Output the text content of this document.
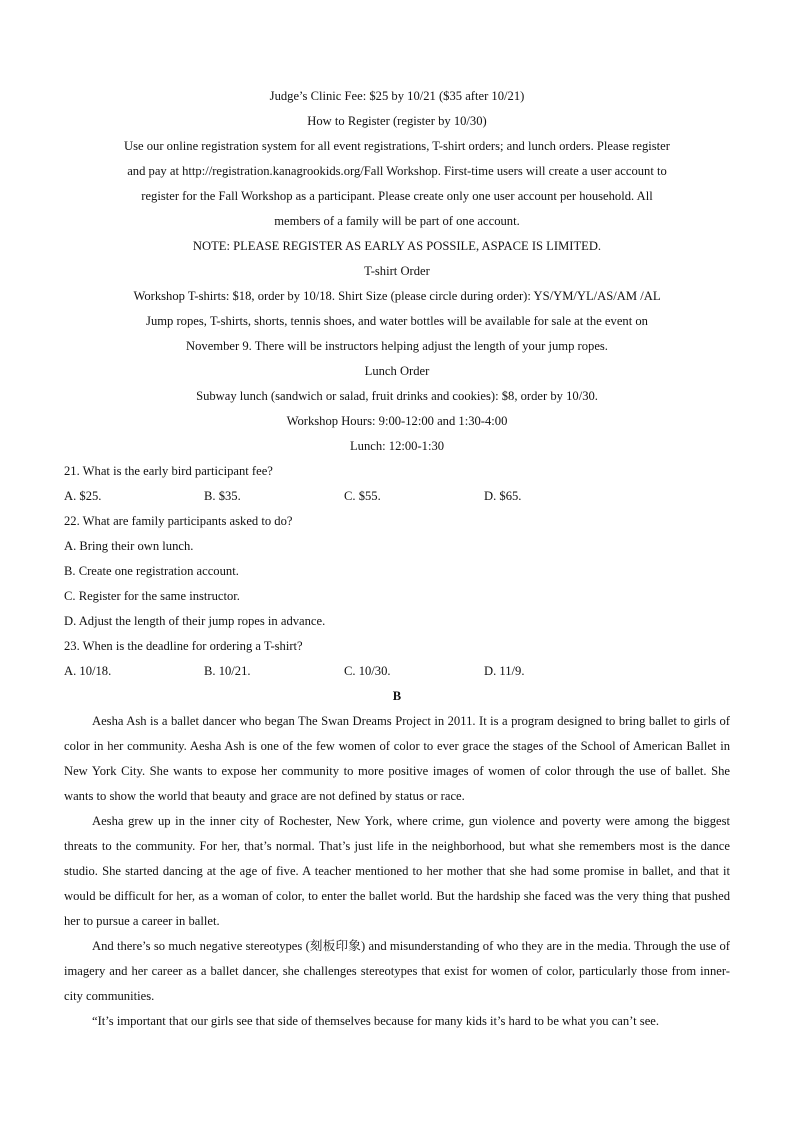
Judge’s Clinic Fee: $25 by 10/21 ($35 after 10/21)
How to Register (register by 10/30)
Use our online registration system for all event registrations, T-shirt orders; and lunch orders. Please register
and pay at http://registration.kanagrookids.org/Fall Workshop. First-time users will create a user account to
register for the Fall Workshop as a participant. Please create only one user account per household. All
members of a family will be part of one account.
NOTE: PLEASE REGISTER AS EARLY AS POSSILE, ASPACE IS LIMITED.
T-shirt Order
Workshop T-shirts: $18, order by 10/18. Shirt Size (please circle during order): YS/YM/YL/AS/AM /AL
Jump ropes, T-shirts, shorts, tennis shoes, and water bottles will be available for sale at the event on
November 9. There will be instructors helping adjust the length of your jump ropes.
Lunch Order
Subway lunch (sandwich or salad, fruit drinks and cookies): $8, order by 10/30.
Workshop Hours: 9:00-12:00 and 1:30-4:00
Lunch: 12:00-1:30
21. What is the early bird participant fee?
A. $25.	B. $35.	C. $55.	D. $65.
22. What are family participants asked to do?
A. Bring their own lunch.
B. Create one registration account.
C. Register for the same instructor.
D. Adjust the length of their jump ropes in advance.
23. When is the deadline for ordering a T-shirt?
A. 10/18.	B. 10/21.	C. 10/30.	D. 11/9.
B

Aesha Ash is a ballet dancer who began The Swan Dreams Project in 2011. It is a program designed to bring ballet to girls of color in her community. Aesha Ash is one of the few women of color to ever grace the stages of the School of American Ballet in New York City. She wants to expose her community to more positive images of women of color through the use of ballet. She wants to show the world that beauty and grace are not defined by status or race.

Aesha grew up in the inner city of Rochester, New York, where crime, gun violence and poverty were among the biggest threats to the community. For her, that’s normal. That’s just life in the neighborhood, but what she remembers most is the dance studio. She started dancing at the age of five. A teacher mentioned to her mother that she had some promise in ballet, and that it would be difficult for her, as a woman of color, to enter the ballet world. But the hardship she faced was the very thing that pushed her to pursue a career in ballet.

And there’s so much negative stereotypes (刻板印象) and misunderstanding of who they are in the media. Through the use of imagery and her career as a ballet dancer, she challenges stereotypes that exist for women of color, particularly those from inner-city communities.

“It’s important that our girls see that side of themselves because for many kids it’s hard to be what you can’t see.
